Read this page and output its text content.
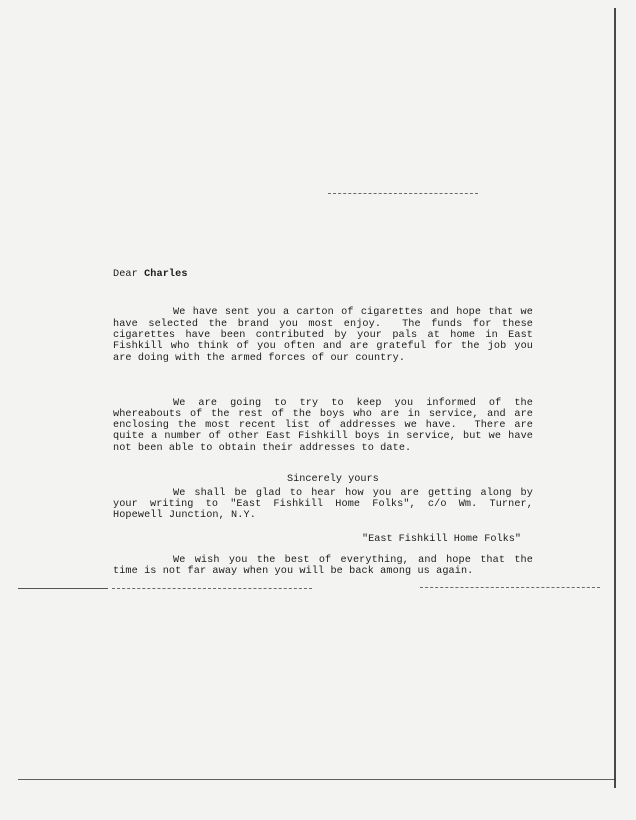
Dear Charles

We have sent you a carton of cigarettes and hope that we have selected the brand you most enjoy.  The funds for these cigarettes have been contributed by your pals at home in East Fishkill who think of you often and are grateful for the job you are doing with the armed forces of our country.

We are going to try to keep you informed of the whereabouts of the rest of the boys who are in service, and are enclosing the most recent list of addresses we have.  There are quite a number of other East Fishkill boys in service, but we have not been able to obtain their addresses to date.

We shall be glad to hear how you are getting along by your writing to "East Fishkill Home Folks", c/o Wm. Turner, Hopewell Junction, N.Y.

We wish you the best of everything, and hope that the time is not far away when you will be back among us again.

Sincerely yours
"East Fishkill Home Folks"
